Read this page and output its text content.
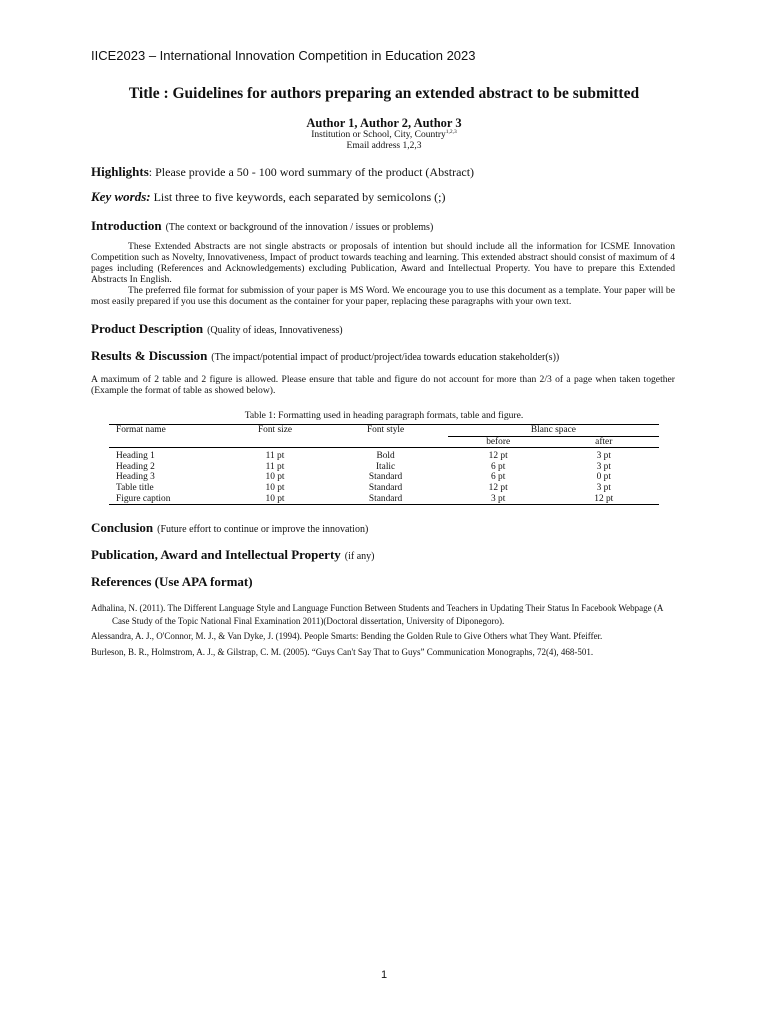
IICE2023 – International Innovation Competition in Education 2023
Title : Guidelines for authors preparing an extended abstract to be submitted
Author 1, Author 2, Author 3
Institution or School, City, Country$^{1,2,3}$
Email address 1,2,3
Highlights: Please provide a 50 - 100 word summary of the product (Abstract)
Key words: List three to five keywords, each separated by semicolons (;)
Introduction (The context or background of the innovation / issues or problems)

These Extended Abstracts are not single abstracts or proposals of intention but should include all the information for ICSME Innovation Competition such as Novelty, Innovativeness, Impact of product towards teaching and learning. This extended abstract should consist of maximum of 4 pages including (References and Acknowledgements) excluding Publication, Award and Intellectual Property. You have to prepare this Extended Abstracts In English.

The preferred file format for submission of your paper is MS Word. We encourage you to use this document as a template. Your paper will be most easily prepared if you use this document as the container for your paper, replacing these paragraphs with your own text.

Product Description (Quality of ideas, Innovativeness)
Results & Discussion (The impact/potential impact of product/project/idea towards education stakeholder(s))
A maximum of 2 table and 2 figure is allowed. Please ensure that table and figure do not account for more than 2/3 of a page when taken together (Example the format of table as showed below).
Table 1: Formatting used in heading paragraph formats, table and figure.
Format name	Font size	Font style	Blanc space	
			before	after
Heading 1	11 pt	Bold	12 pt	3 pt
Heading 2	11 pt	Italic	6 pt	3 pt
Heading 3	10 pt	Standard	6 pt	0 pt
Table title	10 pt	Standard	12 pt	3 pt
Figure caption	10 pt	Standard	3 pt	12 pt
Conclusion (Future effort to continue or improve the innovation)
Publication, Award and Intellectual Property (if any)
References (Use APA format)
Adhalina, N. (2011). The Different Language Style and Language Function Between Students and Teachers in Updating Their Status In Facebook Webpage (A Case Study of the Topic National Final Examination 2011)(Doctoral dissertation, University of Diponegoro).
Alessandra, A. J., O'Connor, M. J., & Van Dyke, J. (1994). People Smarts: Bending the Golden Rule to Give Others what They Want. Pfeiffer.
Burleson, B. R., Holmstrom, A. J., & Gilstrap, C. M. (2005). “Guys Can't Say That to Guys” Communication Monographs, 72(4), 468-501.
1
